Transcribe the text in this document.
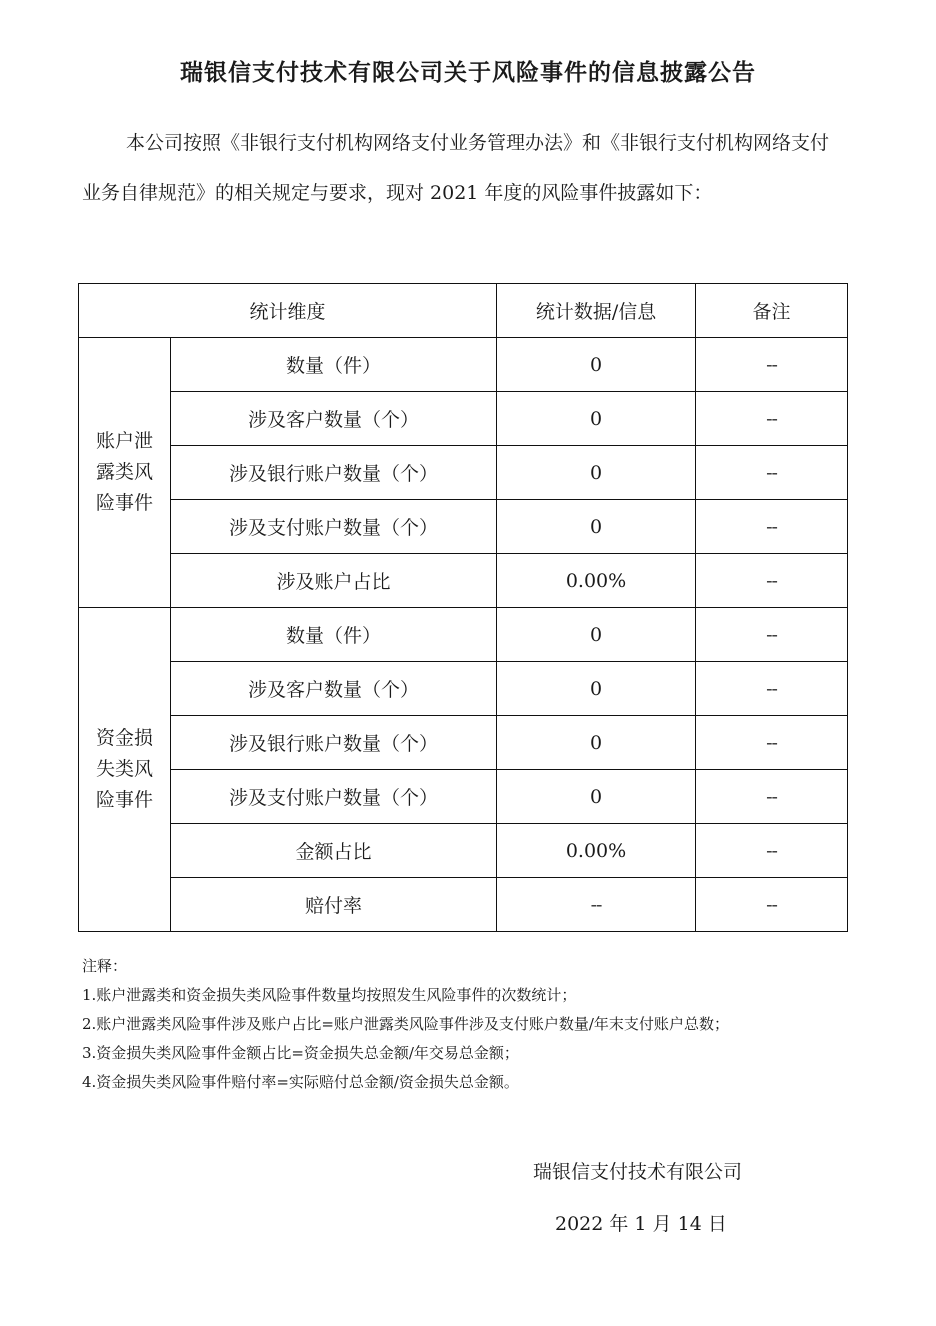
瑞银信支付技术有限公司关于风险事件的信息披露公告

本公司按照《非银行支付机构网络支付业务管理办法》和《非银行支付机构网络支付业务自律规范》的相关规定与要求，现对 2021 年度的风险事件披露如下：

统计维度		统计数据/信息	备注

账户泄
露类风
险事件	数量（件）	0	--
	涉及客户数量（个）	0	--
	涉及银行账户数量（个）	0	--
	涉及支付账户数量（个）	0	--
	涉及账户占比	0.00%	--

资金损
失类风
险事件	数量（件）	0	--
	涉及客户数量（个）	0	--
	涉及银行账户数量（个）	0	--
	涉及支付账户数量（个）	0	--
	金额占比	0.00%	--
	赔付率	--	--
注释：
1.账户泄露类和资金损失类风险事件数量均按照发生风险事件的次数统计；
2.账户泄露类风险事件涉及账户占比=账户泄露类风险事件涉及支付账户数量/年末支付账户总数；
3.资金损失类风险事件金额占比=资金损失总金额/年交易总金额；
4.资金损失类风险事件赔付率=实际赔付总金额/资金损失总金额。

瑞银信支付技术有限公司

2022 年 1 月 14 日
